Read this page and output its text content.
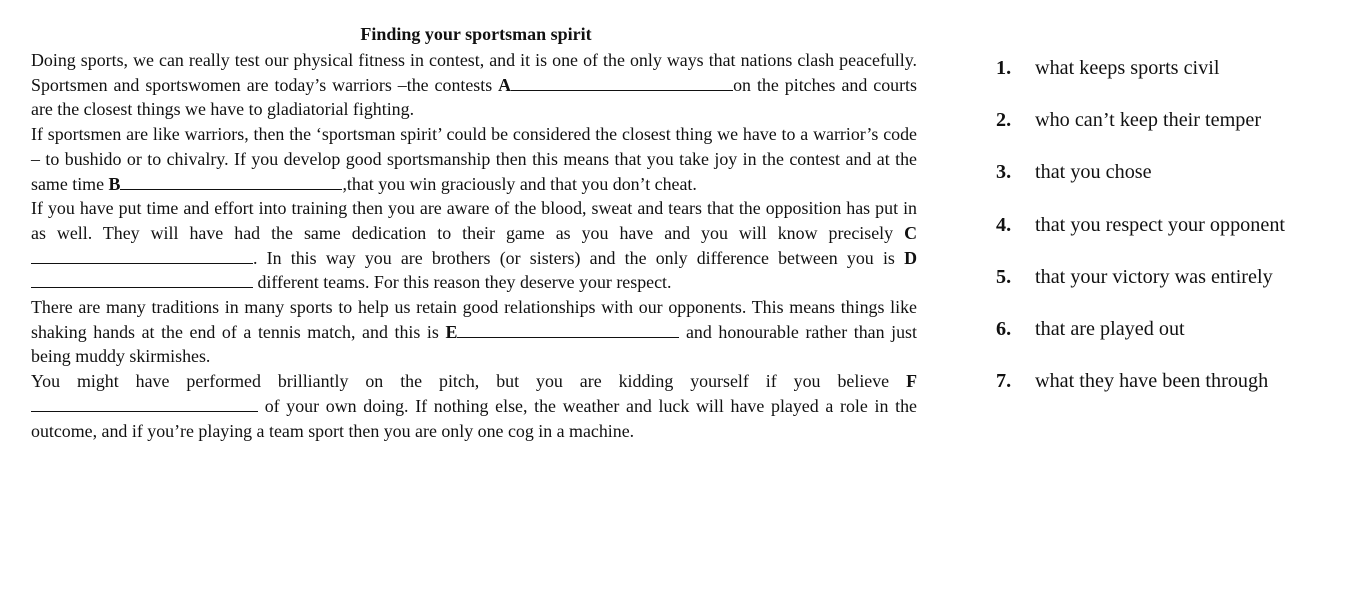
Finding your sportsman spirit

Doing sports, we can really test our physical fitness in contest, and it is one of the only ways that nations clash peacefully. Sportsmen and sportswomen are today’s warriors –the contests A	on the pitches and courts are the closest things we have to gladiatorial fighting.

If sportsmen are like warriors, then the ‘sportsman spirit’ could be considered the closest thing we have to a warrior’s code – to bushido or to chivalry. If you develop good sportsmanship then this means that you take joy in the contest and at the same time B	,that you win graciously and that you don’t cheat.

If you have put time and effort into training then you are aware of the blood, sweat and tears that the opposition has put in as well. They will have had the same dedication to their game as you have and you will know precisely C. In this way you are brothers (or sisters) and the only difference between you is D  different teams. For this reason they deserve your respect.

There are many traditions in many sports to help us retain good relationships with our opponents. This means things like shaking hands at the end of a tennis match, and this is E	and honourable rather than just being muddy skirmishes.

You might have performed brilliantly on the pitch, but you are kidding yourself if you believe F  of your own doing. If nothing else, the weather and luck will have played a role in the outcome, and if you’re playing a team sport then you are only one cog in a machine.

1.	what keeps sports civil
2.	who can’t keep their temper
3.	that you chose
4.	that you respect your opponent
5.	that your victory was entirely
6.	that are played out
7.	what they have been through
